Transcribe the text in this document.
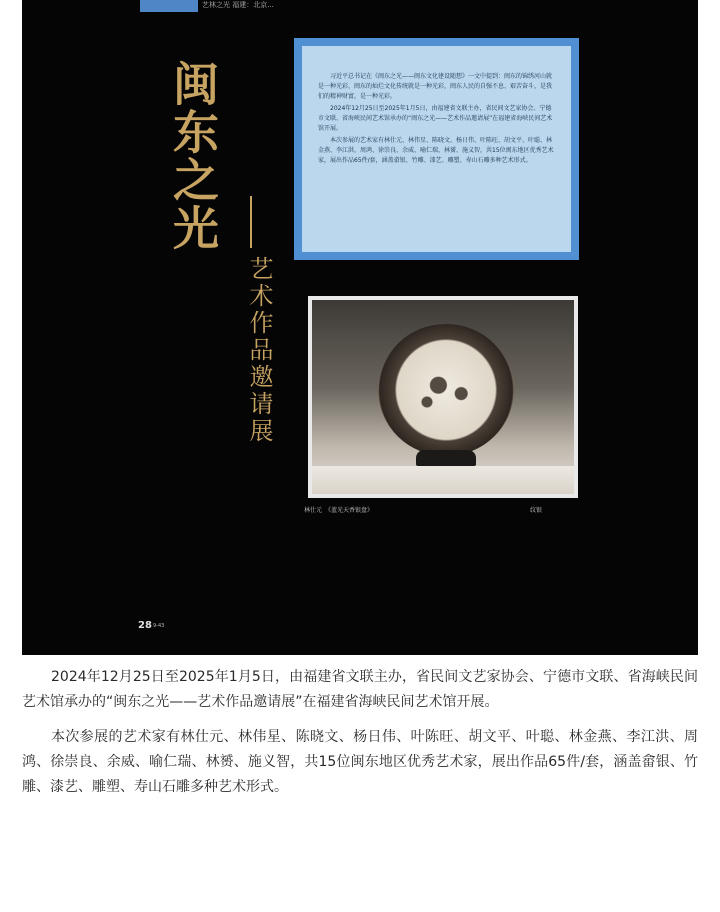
艺林之光 福建：北京...
闽东之光
艺术作品邀请展

习近平总书记在《闽东之光——闽东文化建设随想》一文中提到：闽东的锦绣河山就是一种光彩，闽东的灿烂文化传统就是一种光彩，闽东人民的自强不息、艰苦奋斗，是我们的精神财富，是一种光彩。

2024年12月25日至2025年1月5日，由福建省文联主办，省民间文艺家协会、宁德市文联、省海峡民间艺术馆承办的“闽东之光——艺术作品邀请展”在福建省海峡民间艺术馆开展。

本次参展的艺术家有林仕元、林伟星、陈晓文、杨日伟、叶陈旺、胡文平、叶聪、林金燕、李江洪、周鸿、徐崇良、余威、喻仁瑞、林赟、施义智，共15位闽东地区优秀艺术家，展出作品65件/套，涵盖畲银、竹雕、漆艺、雕塑、寿山石雕多种艺术形式。

林仕元　《蓝光天香银盘》	纹银
28 9-43

2024年12月25日至2025年1月5日，由福建省文联主办，省民间文艺家协会、宁德市文联、省海峡民间艺术馆承办的“闽东之光——艺术作品邀请展”在福建省海峡民间艺术馆开展。

本次参展的艺术家有林仕元、林伟星、陈晓文、杨日伟、叶陈旺、胡文平、叶聪、林金燕、李江洪、周鸿、徐崇良、余威、喻仁瑞、林赟、施义智，共15位闽东地区优秀艺术家，展出作品65件/套，涵盖畲银、竹雕、漆艺、雕塑、寿山石雕多种艺术形式。
